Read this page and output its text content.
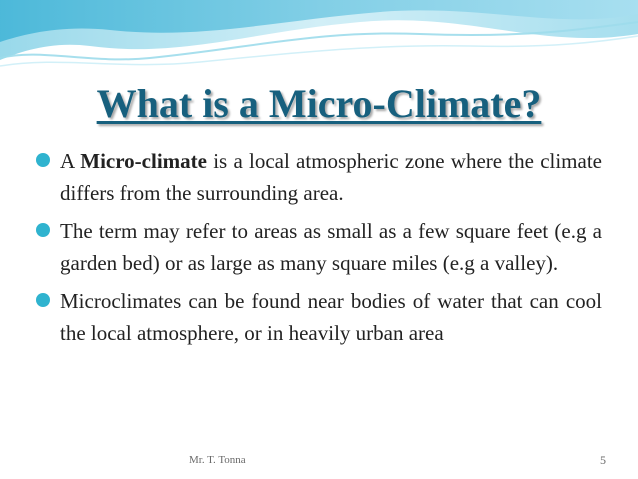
What is a Micro-Climate?
A Micro-climate is a local atmospheric zone where the climate differs from the surrounding area.
The term may refer to areas as small as a few square feet (e.g a garden bed) or as large as many square miles (e.g a valley).
Microclimates can be found near bodies of water that can cool the local atmosphere, or in heavily urban area
Mr. T. Tonna	5
